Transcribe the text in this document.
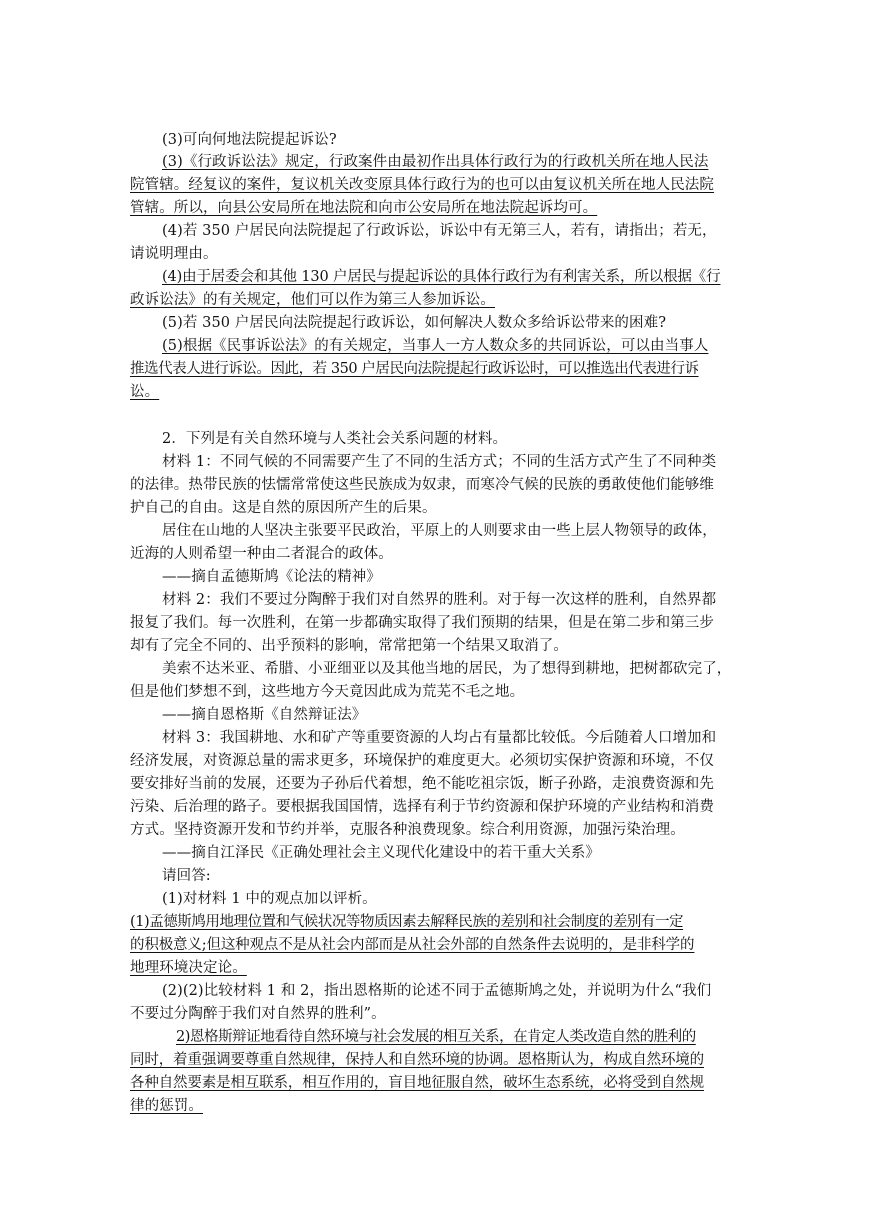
(3)可向何地法院提起诉讼?
(3)《行政诉讼法》规定，行政案件由最初作出具体行政行为的行政机关所在地人民法
院管辖。经复议的案件，复议机关改变原具体行政行为的也可以由复议机关所在地人民法院
管辖。所以，向县公安局所在地法院和向市公安局所在地法院起诉均可。
(4)若 350 户居民向法院提起了行政诉讼，诉讼中有无第三人，若有，请指出；若无，
请说明理由。
(4)由于居委会和其他 130 户居民与提起诉讼的具体行政行为有利害关系，所以根据《行
政诉讼法》的有关规定，他们可以作为第三人参加诉讼。
(5)若 350 户居民向法院提起行政诉讼，如何解决人数众多给诉讼带来的困难?
(5)根据《民事诉讼法》的有关规定，当事人一方人数众多的共同诉讼，可以由当事人
推选代表人进行诉讼。因此，若 350 户居民向法院提起行政诉讼时，可以推选出代表进行诉
讼。
2．下列是有关自然环境与人类社会关系问题的材料。
材料 1：不同气候的不同需要产生了不同的生活方式；不同的生活方式产生了不同种类
的法律。热带民族的怯懦常常使这些民族成为奴隶，而寒冷气候的民族的勇敢使他们能够维
护自己的自由。这是自然的原因所产生的后果。
居住在山地的人坚决主张要平民政治，平原上的人则要求由一些上层人物领导的政体，
近海的人则希望一种由二者混合的政体。
——摘自孟德斯鸠《论法的精神》
材料 2：我们不要过分陶醉于我们对自然界的胜利。对于每一次这样的胜利，自然界都
报复了我们。每一次胜利，在第一步都确实取得了我们预期的结果，但是在第二步和第三步
却有了完全不同的、出乎预料的影响，常常把第一个结果又取消了。
美索不达米亚、希腊、小亚细亚以及其他当地的居民，为了想得到耕地，把树都砍完了，
但是他们梦想不到，这些地方今天竟因此成为荒芜不毛之地。
——摘自恩格斯《自然辩证法》
材料 3：我国耕地、水和矿产等重要资源的人均占有量都比较低。今后随着人口增加和
经济发展，对资源总量的需求更多，环境保护的难度更大。必须切实保护资源和环境，不仅
要安排好当前的发展，还要为子孙后代着想，绝不能吃祖宗饭，断子孙路，走浪费资源和先
污染、后治理的路子。要根据我国国情，选择有利于节约资源和保护环境的产业结构和消费
方式。坚持资源开发和节约并举，克服各种浪费现象。综合利用资源，加强污染治理。
——摘自江泽民《正确处理社会主义现代化建设中的若干重大关系》
请回答:
(1)对材料 1 中的观点加以评析。
(1)孟德斯鸠用地理位置和气候状况等物质因素去解释民族的差别和社会制度的差别有一定
的积极意义;但这种观点不是从社会内部而是从社会外部的自然条件去说明的，是非科学的
地理环境决定论。
(2)(2)比较材料 1 和 2，指出恩格斯的论述不同于孟德斯鸠之处，并说明为什么“我们
不要过分陶醉于我们对自然界的胜利”。
2)恩格斯辩证地看待自然环境与社会发展的相互关系，在肯定人类改造自然的胜利的
同时，着重强调要尊重自然规律，保持人和自然环境的协调。恩格斯认为，构成自然环境的
各种自然要素是相互联系，相互作用的，盲目地征服自然，破坏生态系统，必将受到自然规
律的惩罚。
